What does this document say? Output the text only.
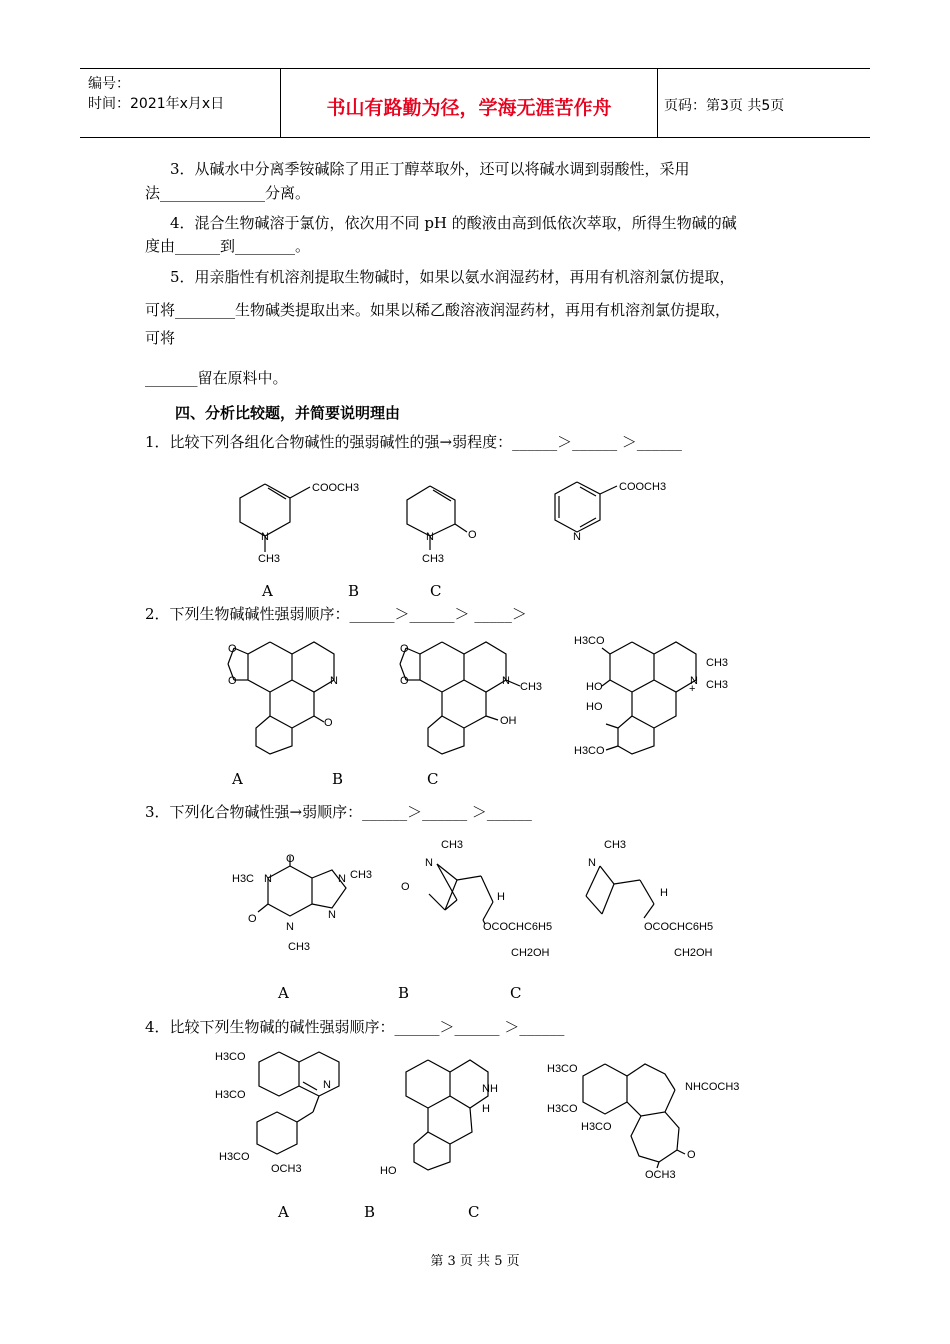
编号：
时间：2021年x月x日	书山有路勤为径，学海无涯苦作舟	页码：第3页 共5页
3．从碱水中分离季铵碱除了用正丁醇萃取外，还可以将碱水调到弱酸性，采用
法______________分离。
4．混合生物碱溶于氯仿，依次用不同 pH 的酸液由高到低依次萃取，所得生物碱的碱
度由______到________。
5．用亲脂性有机溶剂提取生物碱时，如果以氨水润湿药材，再用有机溶剂氯仿提取，
可将________生物碱类提取出来。如果以稀乙酸溶液润湿药材，再用有机溶剂氯仿提取，
可将
_______留在原料中。
四、分析比较题，并简要说明理由
1．比较下列各组化合物碱性的强弱碱性的强→弱程度：______＞______ ＞______
COOCH3
N
CH3
N	O
CH3
COOCH3
N
A	B	C
2．下列生物碱碱性强弱顺序：______＞______＞ _____＞
O
O	N
O
O
O	N CH3
OH
H3CO
HO
HO
H3CO
N
+
CH3
CH3
A	B	C
3．下列化合物碱性强→弱顺序：______＞______ ＞______
O
O
H3C
CH3
CH3
N
N
N
N
CH3
N
O
H
OCOCHC6H5
CH2OH
CH3
N
H
OCOCHC6H5
CH2OH
A	B	C
4．比较下列生物碱的碱性强弱顺序：______＞______ ＞______
H3CO
H3CO
N
H3CO
OCH3
NH
H
HO
H3CO
H3CO
H3CO
NHCOCH3
O
OCH3
A	B	C
第 3 页 共 5 页
